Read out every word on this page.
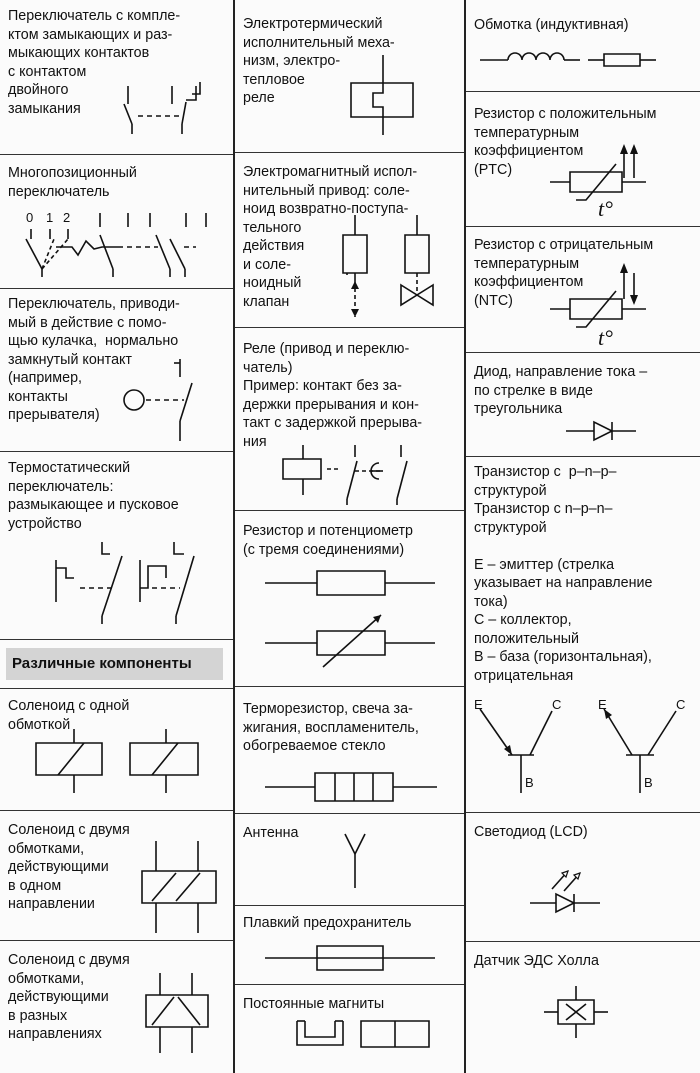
Переключатель с компле-
ктом замыкающих и раз-
мыкающих контактов
с контактом
двойного
замыкания
Многопозиционный
переключатель
0 1 2
Переключатель, приводи-
мый в действие с помо-
щью кулачка,  нормально
замкнутый контакт
(например,
контакты
прерывателя)
Термостатический
переключатель:
размыкающее и пусковое
устройство
Различные компоненты
Соленоид с одной
обмоткой
Соленоид с двумя
обмотками,
действующими
в одном
направлении
Соленоид с двумя
обмотками,
действующими
в разных
направлениях
Электротермический
исполнительный меха-
низм, электро-
тепловое
реле
Электромагнитный испол-
нительный привод: соле-
ноид возвратно-поступа-
тельного
действия
и соле-
ноидный
клапан
Реле (привод и переклю-
чатель)
Пример: контакт без за-
держки прерывания и кон-
такт с задержкой прерыва-
ния
Резистор и потенциометр
(с тремя соединениями)
Терморезистор, свеча за-
жигания, воспламенитель,
обогреваемое стекло
Антенна
Плавкий предохранитель
Постоянные магниты
Обмотка (индуктивная)
Резистор с положительным
температурным
коэффициентом
(PTC)
t°
Резистор с отрицательным
температурным
коэффициентом
(NTC)
t°
Диод, направление тока –
по стрелке в виде
треугольника
Транзистор с  p–n–p–
структурой
Транзистор с n–p–n–
структурой

E – эмиттер (стрелка
указывает на направление
тока)
C – коллектор,
положительный
B – база (горизонтальная),
отрицательная
E	C
B
E	C
B
Светодиод (LCD)
Датчик ЭДС Холла
